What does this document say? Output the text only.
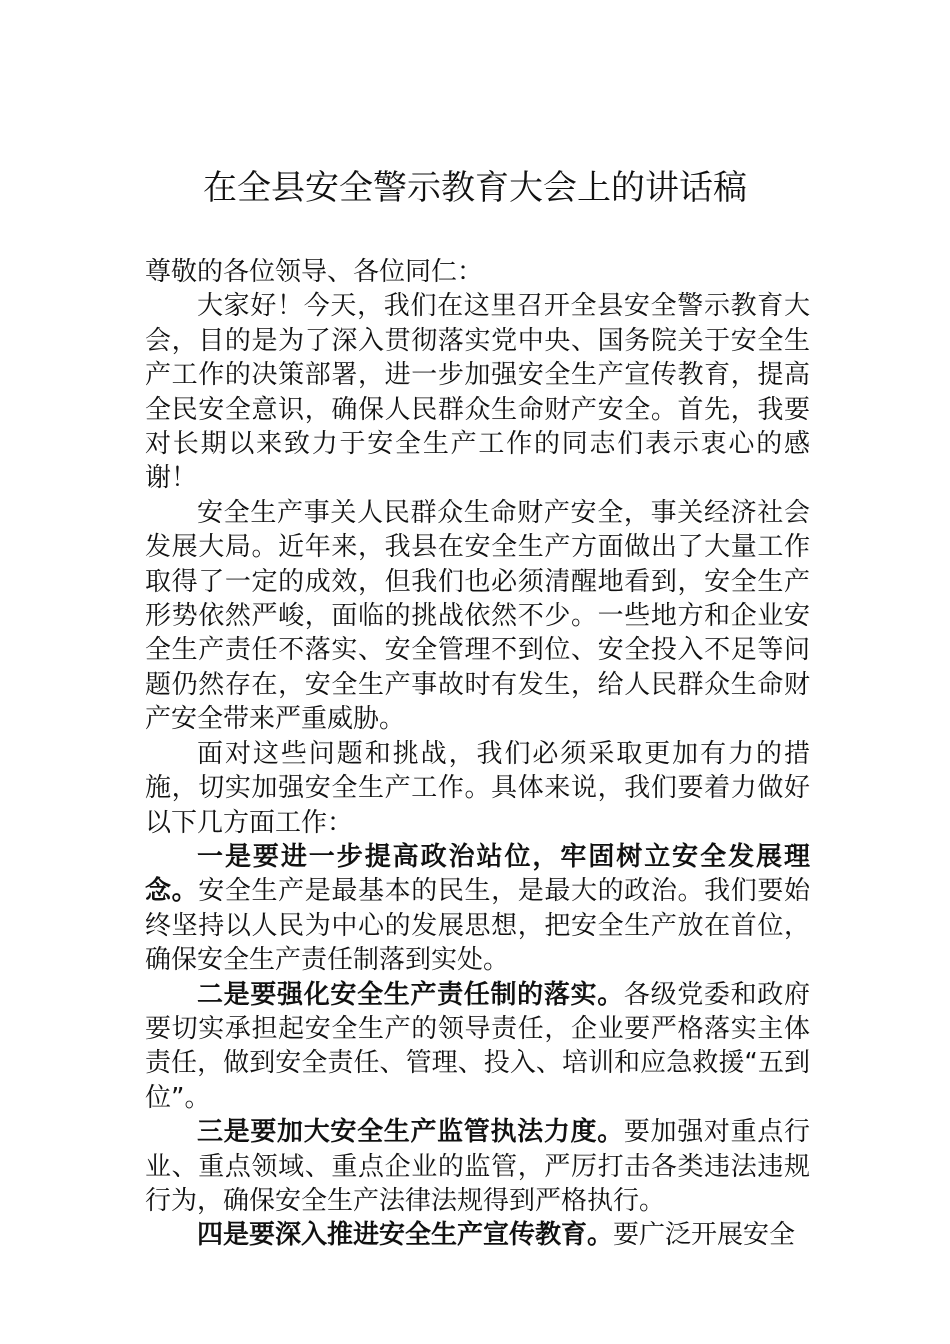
在全县安全警示教育大会上的讲话稿

尊敬的各位领导、各位同仁：

大家好！今天，我们在这里召开全县安全警示教育大会，目的是为了深入贯彻落实党中央、国务院关于安全生产工作的决策部署，进一步加强安全生产宣传教育，提高全民安全意识，确保人民群众生命财产安全。首先，我要对长期以来致力于安全生产工作的同志们表示衷心的感谢！

安全生产事关人民群众生命财产安全，事关经济社会发展大局。近年来，我县在安全生产方面做出了大量工作取得了一定的成效，但我们也必须清醒地看到，安全生产形势依然严峻，面临的挑战依然不少。一些地方和企业安全生产责任不落实、安全管理不到位、安全投入不足等问题仍然存在，安全生产事故时有发生，给人民群众生命财产安全带来严重威胁。

面对这些问题和挑战，我们必须采取更加有力的措施，切实加强安全生产工作。具体来说，我们要着力做好以下几方面工作：

一是要进一步提高政治站位，牢固树立安全发展理念。安全生产是最基本的民生，是最大的政治。我们要始终坚持以人民为中心的发展思想，把安全生产放在首位，确保安全生产责任制落到实处。

二是要强化安全生产责任制的落实。各级党委和政府要切实承担起安全生产的领导责任，企业要严格落实主体责任，做到安全责任、管理、投入、培训和应急救援“五到位”。

三是要加大安全生产监管执法力度。要加强对重点行业、重点领域、重点企业的监管，严厉打击各类违法违规行为，确保安全生产法律法规得到严格执行。

四是要深入推进安全生产宣传教育。要广泛开展安全
